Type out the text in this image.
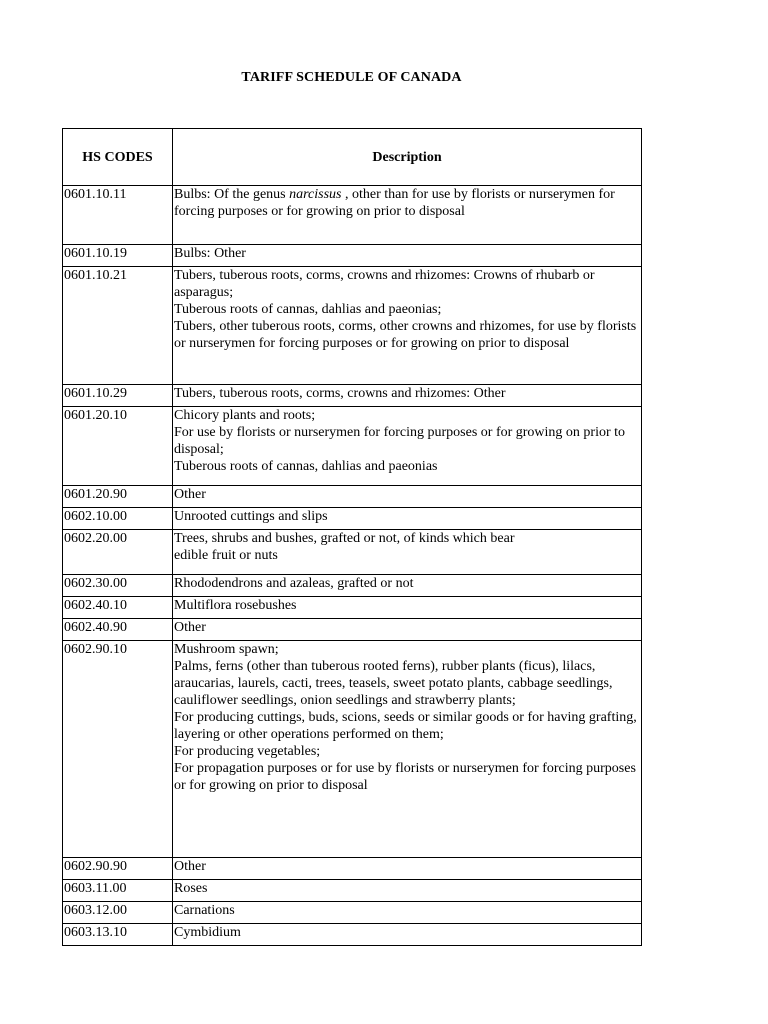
TARIFF SCHEDULE OF CANADA
HS CODES	Description
0601.10.11	Bulbs: Of the genus narcissus , other than for use by florists or nurserymen for forcing purposes or for growing on prior to disposal
0601.10.19	Bulbs: Other

0601.10.21	Tubers, tuberous roots, corms, crowns and rhizomes: Crowns of rhubarb or asparagus;
Tuberous roots of cannas, dahlias and paeonias;
Tubers, other tuberous roots, corms, other crowns and rhizomes, for use by florists or nurserymen for forcing purposes or for growing on prior to disposal

0601.10.29	Tubers, tuberous roots, corms, crowns and rhizomes: Other

0601.20.10	Chicory plants and roots;
For use by florists or nurserymen for forcing purposes or for growing on prior to disposal;
Tuberous roots of cannas, dahlias and paeonias

0601.20.90	Other

0602.10.00	Unrooted cuttings and slips

0602.20.00	Trees, shrubs and bushes, grafted or not, of kinds which bear
edible fruit or nuts

0602.30.00	Rhododendrons and azaleas, grafted or not

0602.40.10	Multiflora rosebushes

0602.40.90	Other

0602.90.10	Mushroom spawn;
Palms, ferns (other than tuberous rooted ferns), rubber plants (ficus), lilacs, araucarias, laurels, cacti, trees, teasels, sweet potato plants, cabbage seedlings, cauliflower seedlings, onion seedlings and strawberry plants;
For producing cuttings, buds, scions, seeds or similar goods or for having grafting, layering or other operations performed on them;
For producing vegetables;
For propagation purposes or for use by florists or nurserymen for forcing purposes or for growing on prior to disposal

0602.90.90	Other

0603.11.00	Roses

0603.12.00	Carnations

0603.13.10	Cymbidium
